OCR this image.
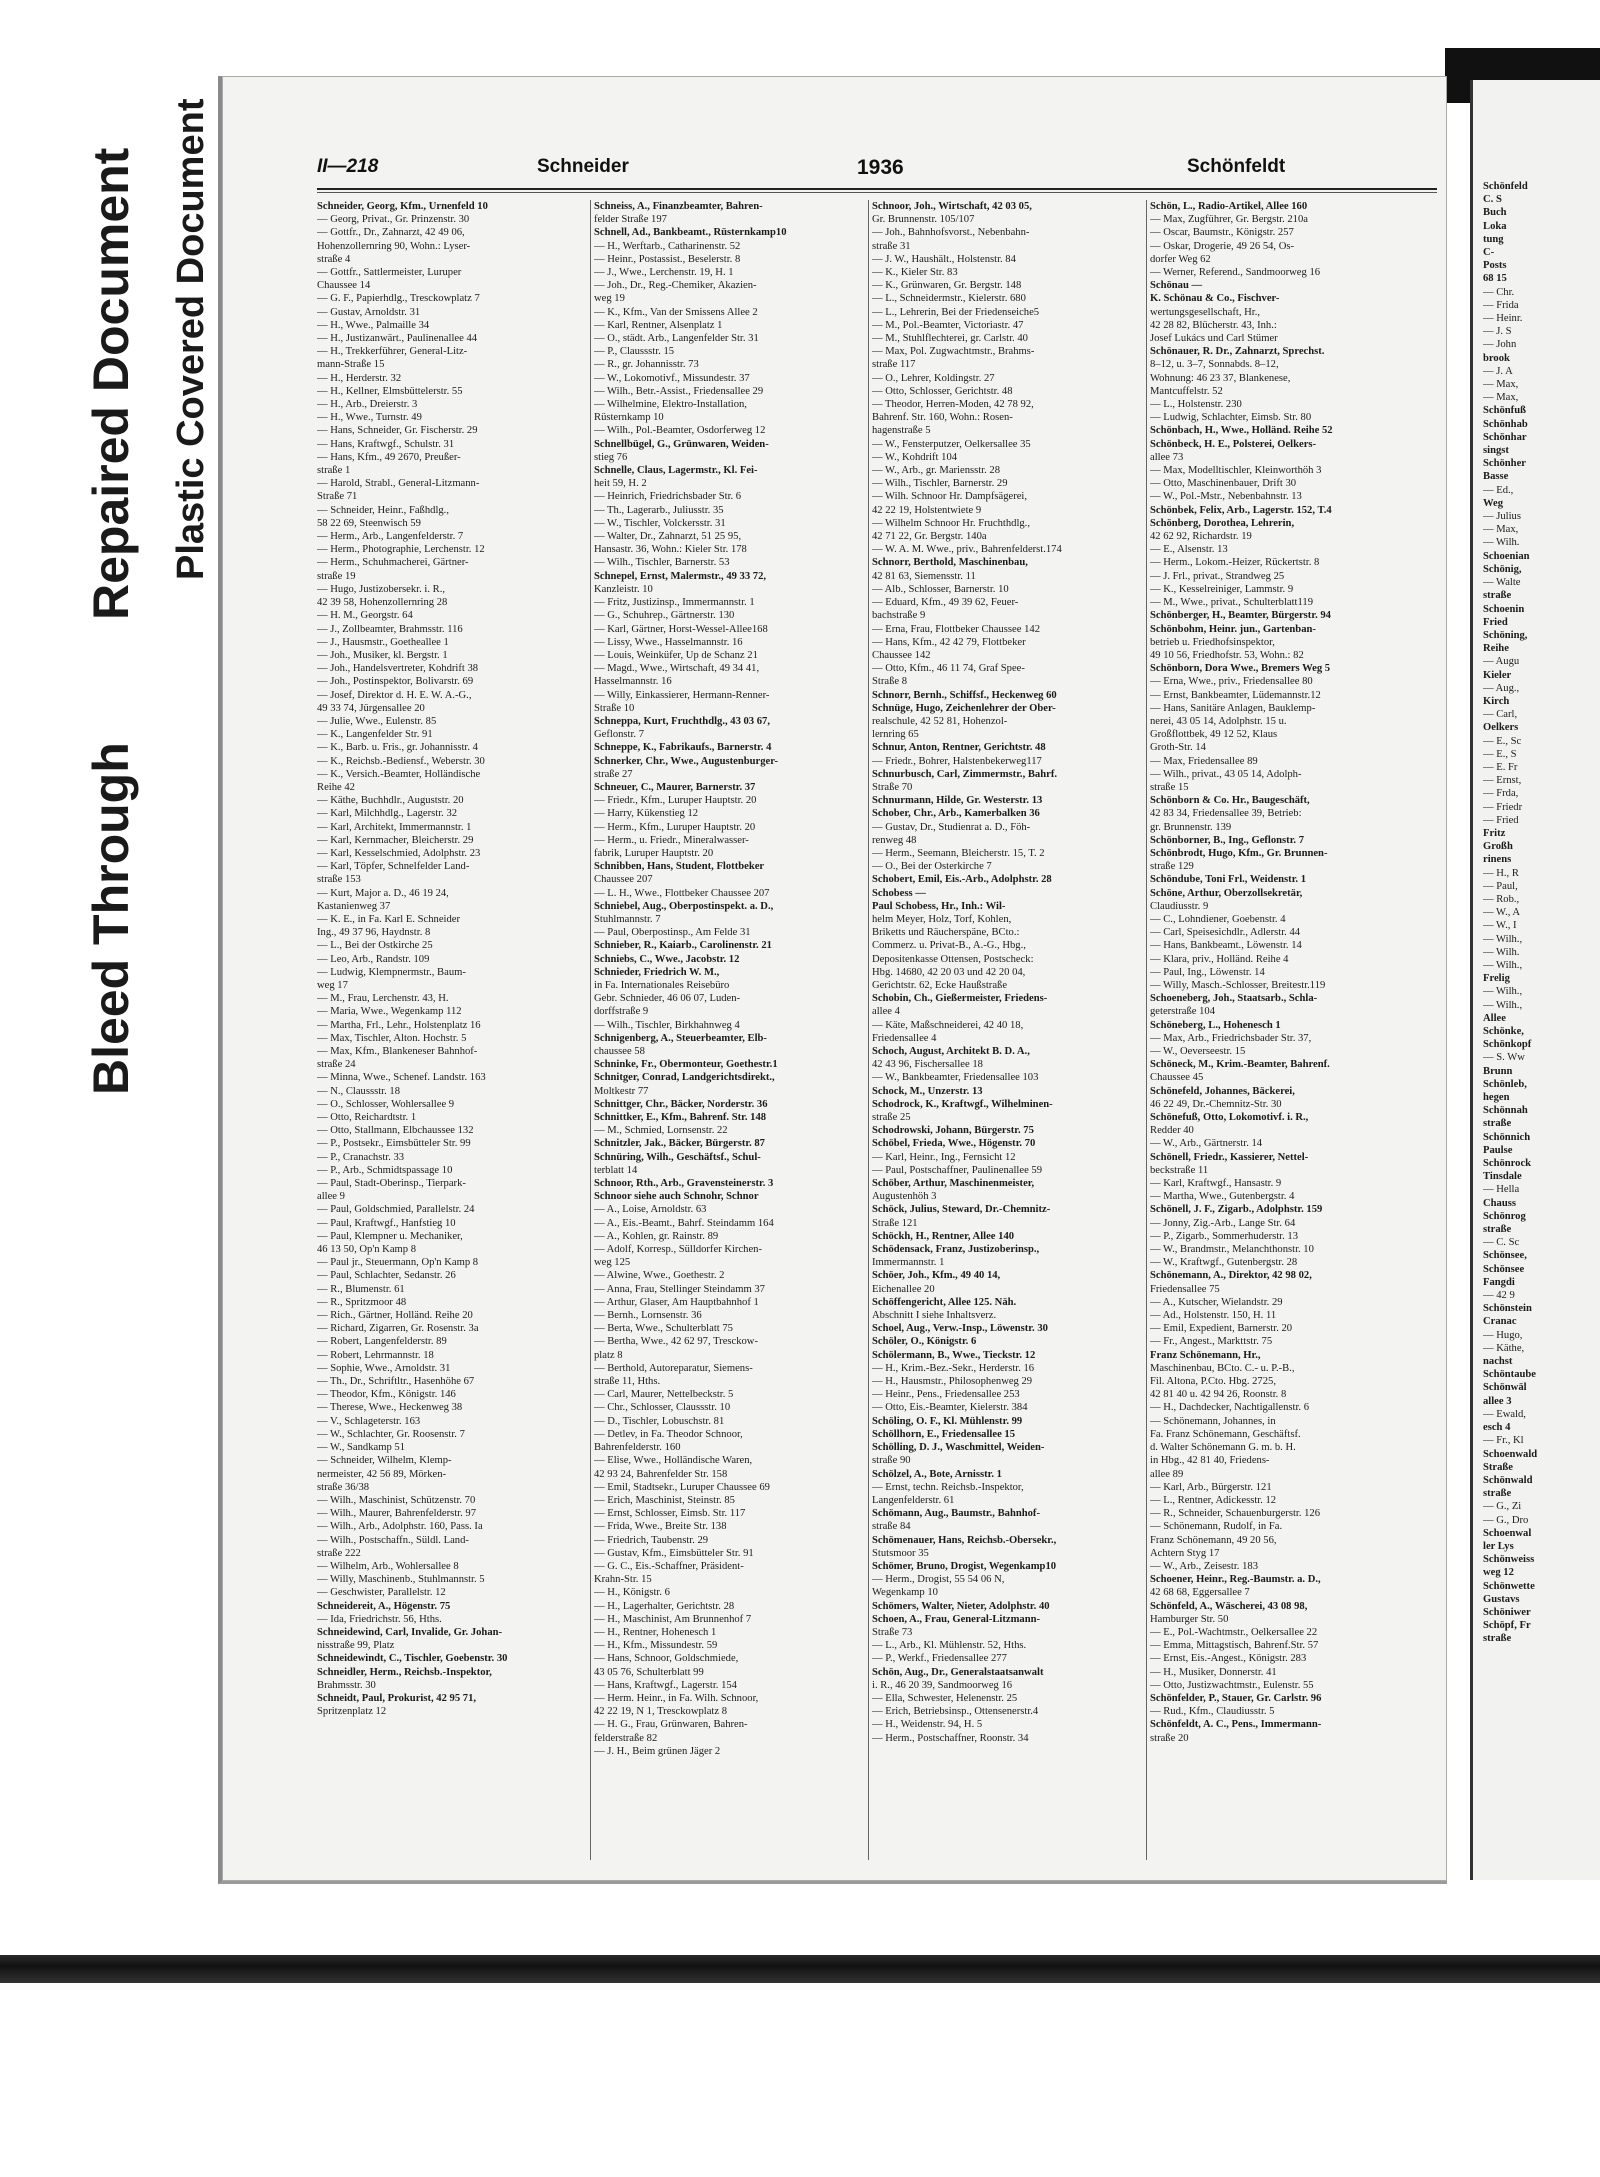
Bleed Through
Repaired Document Plastic Covered Document	II—218	Schneider	1936	Schönfeldt

Schneider, Georg, Kfm., Urnenfeld 10

— Georg, Privat., Gr. Prinzenstr. 30

— Gottfr., Dr., Zahnarzt, 42 49 06,

Hohenzollernring 90, Wohn.: Lyser-

straße 4

— Gottfr., Sattlermeister, Luruper

Chaussee 14

— G. F., Papierhdlg., Tresckowplatz 7

— Gustav, Arnoldstr. 31

— H., Wwe., Palmaille 34

— H., Justizanwärt., Paulinenallee 44

— H., Trekkerführer, General-Litz-

mann-Straße 15

— H., Herderstr. 32

— H., Kellner, Elmsbüttelerstr. 55

— H., Arb., Dreierstr. 3

— H., Wwe., Turnstr. 49

— Hans, Schneider, Gr. Fischerstr. 29

— Hans, Kraftwgf., Schulstr. 31

— Hans, Kfm., 49 2670, Preußer-

straße 1

— Harold, Strabl., General-Litzmann-

Straße 71

— Schneider, Heinr., Faßhdlg.,

58 22 69, Steenwisch 59

— Herm., Arb., Langenfelderstr. 7

— Herm., Photographie, Lerchenstr. 12

— Herm., Schuhmacherei, Gärtner-

straße 19

— Hugo, Justizobersekr. i. R.,

42 39 58, Hohenzollernring 28

— H. M., Georgstr. 64

— J., Zollbeamter, Brahmsstr. 116

— J., Hausmstr., Goetheallee 1

— Joh., Musiker, kl. Bergstr. 1

— Joh., Handelsvertreter, Kohdrift 38

— Joh., Postinspektor, Bolivarstr. 69

— Josef, Direktor d. H. E. W. A.-G.,

49 33 74, Jürgensallee 20

— Julie, Wwe., Eulenstr. 85

— K., Langenfelder Str. 91

— K., Barb. u. Fris., gr. Johannisstr. 4

— K., Reichsb.-Bediensf., Weberstr. 30

— K., Versich.-Beamter, Holländische

Reihe 42

— Käthe, Buchhdlr., Auguststr. 20

— Karl, Milchhdlg., Lagerstr. 32

— Karl, Architekt, Immermannstr. 1

— Karl, Kernmacher, Bleicherstr. 29

— Karl, Kesselschmied, Adolphstr. 23

— Karl, Töpfer, Schnelfelder Land-

straße 153

— Kurt, Major a. D., 46 19 24,

Kastanienweg 37

— K. E., in Fa. Karl E. Schneider

Ing., 49 37 96, Haydnstr. 8

— L., Bei der Ostkirche 25

— Leo, Arb., Randstr. 109

— Ludwig, Klempnermstr., Baum-

weg 17

— M., Frau, Lerchenstr. 43, H.

— Maria, Wwe., Wegenkamp 112

— Martha, Frl., Lehr., Holstenplatz 16

— Max, Tischler, Alton. Hochstr. 5

— Max, Kfm., Blankeneser Bahnhof-

straße 24

— Minna, Wwe., Schenef. Landstr. 163

— N., Claussstr. 18

— O., Schlosser, Wohlersallee 9

— Otto, Reichardtstr. 1

— Otto, Stallmann, Elbchaussee 132

— P., Postsekr., Eimsbütteler Str. 99

— P., Cranachstr. 33

— P., Arb., Schmidtspassage 10

— Paul, Stadt-Oberinsp., Tierpark-

allee 9

— Paul, Goldschmied, Parallelstr. 24

— Paul, Kraftwgf., Hanfstieg 10

— Paul, Klempner u. Mechaniker,

46 13 50, Op'n Kamp 8

— Paul jr., Steuermann, Op'n Kamp 8

— Paul, Schlachter, Sedanstr. 26

— R., Blumenstr. 61

— R., Spritzmoor 48

— Rich., Gärtner, Holländ. Reihe 20

— Richard, Zigarren, Gr. Rosenstr. 3a

— Robert, Langenfelderstr. 89

— Robert, Lehrmannstr. 18

— Sophie, Wwe., Arnoldstr. 31

— Th., Dr., Schriftltr., Hasenhöhe 67

— Theodor, Kfm., Königstr. 146

— Therese, Wwe., Heckenweg 38

— V., Schlageterstr. 163

— W., Schlachter, Gr. Roosenstr. 7

— W., Sandkamp 51

— Schneider, Wilhelm, Klemp-

nermeister, 42 56 89, Mörken-

straße 36/38

— Wilh., Maschinist, Schützenstr. 70

— Wilh., Maurer, Bahrenfelderstr. 97

— Wilh., Arb., Adolphstr. 160, Pass. Ia

— Wilh., Postschaffn., Süldl. Land-

straße 222

— Wilhelm, Arb., Wohlersallee 8

— Willy, Maschinenb., Stuhlmannstr. 5

— Geschwister, Parallelstr. 12

Schneidereit, A., Högenstr. 75

— Ida, Friedrichstr. 56, Hths.

Schneidewind, Carl, Invalide, Gr. Johan-

nisstraße 99, Platz

Schneidewindt, C., Tischler, Goebenstr. 30

Schneidler, Herm., Reichsb.-Inspektor,

Brahmsstr. 30

Schneidt, Paul, Prokurist, 42 95 71,

Spritzenplatz 12

Schneiss, A., Finanzbeamter, Bahren-

felder Straße 197

Schnell, Ad., Bankbeamt., Rüsternkamp10

— H., Werftarb., Catharinenstr. 52

— Heinr., Postassist., Beselerstr. 8

— J., Wwe., Lerchenstr. 19, H. 1

— Joh., Dr., Reg.-Chemiker, Akazien-

weg 19

— K., Kfm., Van der Smissens Allee 2

— Karl, Rentner, Alsenplatz 1

— O., städt. Arb., Langenfelder Str. 31

— P., Claussstr. 15

— R., gr. Johannisstr. 73

— W., Lokomotivf., Missundestr. 37

— Wilh., Betr.-Assist., Friedensallee 29

— Wilhelmine, Elektro-Installation,

Rüsternkamp 10

— Wilh., Pol.-Beamter, Osdorferweg 12

Schnellbügel, G., Grünwaren, Weiden-

stieg 76

Schnelle, Claus, Lagermstr., Kl. Fei-

heit 59, H. 2

— Heinrich, Friedrichsbader Str. 6

— Th., Lagerarb., Juliusstr. 35

— W., Tischler, Volckersstr. 31

— Walter, Dr., Zahnarzt, 51 25 95,

Hansastr. 36, Wohn.: Kieler Str. 178

— Wilh., Tischler, Barnerstr. 53

Schnepel, Ernst, Malermstr., 49 33 72,

Kanzleistr. 10

— Fritz, Justizinsp., Immermannstr. 1

— G., Schuhrep., Gärtnerstr. 130

— Karl, Gärtner, Horst-Wessel-Allee168

— Lissy, Wwe., Hasselmannstr. 16

— Louis, Weinküfer, Up de Schanz 21

— Magd., Wwe., Wirtschaft, 49 34 41,

Hasselmannstr. 16

— Willy, Einkassierer, Hermann-Renner-

Straße 10

Schneppa, Kurt, Fruchthdlg., 43 03 67,

Geflonstr. 7

Schneppe, K., Fabrikaufs., Barnerstr. 4

Schnerker, Chr., Wwe., Augustenburger-

straße 27

Schneuer, C., Maurer, Barnerstr. 37

— Friedr., Kfm., Luruper Hauptstr. 20

— Harry, Kükenstieg 12

— Herm., Kfm., Luruper Hauptstr. 20

— Herm., u. Friedr., Mineralwasser-

fabrik, Luruper Hauptstr. 20

Schnibben, Hans, Student, Flottbeker

Chaussee 207

— L. H., Wwe., Flottbeker Chaussee 207

Schniebel, Aug., Oberpostinspekt. a. D.,

Stuhlmannstr. 7

— Paul, Oberpostinsp., Am Felde 31

Schnieber, R., Kaiarb., Carolinenstr. 21

Schniebs, C., Wwe., Jacobstr. 12

Schnieder, Friedrich W. M.,

in Fa. Internationales Reisebüro

Gebr. Schnieder, 46 06 07, Luden-

dorffstraße 9

— Wilh., Tischler, Birkhahnweg 4

Schnigenberg, A., Steuerbeamter, Elb-

chaussee 58

Schninke, Fr., Obermonteur, Goethestr.1

Schnitger, Conrad, Landgerichtsdirekt.,

Moltkestr 77

Schnittger, Chr., Bäcker, Norderstr. 36

Schnittker, E., Kfm., Bahrenf. Str. 148

— M., Schmied, Lornsenstr. 22

Schnitzler, Jak., Bäcker, Bürgerstr. 87

Schnüring, Wilh., Geschäftsf., Schul-

terblatt 14

Schnoor, Rth., Arb., Gravensteinerstr. 3

Schnoor siehe auch Schnohr, Schnor

— A., Loise, Arnoldstr. 63

— A., Eis.-Beamt., Bahrf. Steindamm 164

— A., Kohlen, gr. Rainstr. 89

— Adolf, Korresp., Sülldorfer Kirchen-

weg 125

— Alwine, Wwe., Goethestr. 2

— Anna, Frau, Stellinger Steindamm 37

— Arthur, Glaser, Am Hauptbahnhof 1

— Bernh., Lornsenstr. 36

— Berta, Wwe., Schulterblatt 75

— Bertha, Wwe., 42 62 97, Tresckow-

platz 8

— Berthold, Autoreparatur, Siemens-

straße 11, Hths.

— Carl, Maurer, Nettelbeckstr. 5

— Chr., Schlosser, Claussstr. 10

— D., Tischler, Lobuschstr. 81

— Detlev, in Fa. Theodor Schnoor,

Bahrenfelderstr. 160

— Elise, Wwe., Holländische Waren,

42 93 24, Bahrenfelder Str. 158

— Emil, Stadtsekr., Luruper Chaussee 69

— Erich, Maschinist, Steinstr. 85

— Ernst, Schlosser, Eimsb. Str. 117

— Frida, Wwe., Breite Str. 138

— Friedrich, Taubenstr. 29

— Gustav, Kfm., Eimsbütteler Str. 91

— G. C., Eis.-Schaffner, Präsident-

Krahn-Str. 15

— H., Königstr. 6

— H., Lagerhalter, Gerichtstr. 28

— H., Maschinist, Am Brunnenhof 7

— H., Rentner, Hohenesch 1

— H., Kfm., Missundestr. 59

— Hans, Schnoor, Goldschmiede,

43 05 76, Schulterblatt 99

— Hans, Kraftwgf., Lagerstr. 154

— Herm. Heinr., in Fa. Wilh. Schnoor,

42 22 19, N 1, Tresckowplatz 8

— H. G., Frau, Grünwaren, Bahren-

felderstraße 82

— J. H., Beim grünen Jäger 2

Schnoor, Joh., Wirtschaft, 42 03 05,

Gr. Brunnenstr. 105/107

— Joh., Bahnhofsvorst., Nebenbahn-

straße 31

— J. W., Haushält., Holstenstr. 84

— K., Kieler Str. 83

— K., Grünwaren, Gr. Bergstr. 148

— L., Schneidermstr., Kielerstr. 680

— L., Lehrerin, Bei der Friedenseiche5

— M., Pol.-Beamter, Victoriastr. 47

— M., Stuhlflechterei, gr. Carlstr. 40

— Max, Pol. Zugwachtmstr., Brahms-

straße 117

— O., Lehrer, Koldingstr. 27

— Otto, Schlosser, Gerichtstr. 48

— Theodor, Herren-Moden, 42 78 92,

Bahrenf. Str. 160, Wohn.: Rosen-

hagenstraße 5

— W., Fensterputzer, Oelkersallee 35

— W., Kohdrift 104

— W., Arb., gr. Mariensstr. 28

— Wilh., Tischler, Barnerstr. 29

— Wilh. Schnoor Hr. Dampfsägerei,

42 22 19, Holstentwiete 9

— Wilhelm Schnoor Hr. Fruchthdlg.,

42 71 22, Gr. Bergstr. 140a

— W. A. M. Wwe., priv., Bahrenfelderst.174

Schnorr, Berthold, Maschinenbau,

42 81 63, Siemensstr. 11

— Alb., Schlosser, Barnerstr. 10

— Eduard, Kfm., 49 39 62, Feuer-

bachstraße 9

— Erna, Frau, Flottbeker Chaussee 142

— Hans, Kfm., 42 42 79, Flottbeker

Chaussee 142

— Otto, Kfm., 46 11 74, Graf Spee-

Straße 8

Schnorr, Bernh., Schiffsf., Heckenweg 60

Schnüge, Hugo, Zeichenlehrer der Ober-

realschule, 42 52 81, Hohenzol-

lernring 65

Schnur, Anton, Rentner, Gerichtstr. 48

— Friedr., Bohrer, Halstenbekerweg117

Schnurbusch, Carl, Zimmermstr., Bahrf.

Straße 70

Schnurmann, Hilde, Gr. Westerstr. 13

Schober, Chr., Arb., Kamerbalken 36

— Gustav, Dr., Studienrat a. D., Föh-

renweg 48

— Herm., Seemann, Bleicherstr. 15, T. 2

— O., Bei der Osterkirche 7

Schobert, Emil, Eis.-Arb., Adolphstr. 28

Schobess —

Paul Schobess, Hr., Inh.: Wil-

helm Meyer, Holz, Torf, Kohlen,

Briketts und Räucherspäne, BCto.:

Commerz. u. Privat-B., A.-G., Hbg.,

Depositenkasse Ottensen, Postscheck:

Hbg. 14680, 42 20 03 und 42 20 04,

Gerichtstr. 62, Ecke Haußstraße

Schobin, Ch., Gießermeister, Friedens-

allee 4

— Käte, Maßschneiderei, 42 40 18,

Friedensallee 4

Schoch, August, Architekt B. D. A.,

42 43 96, Fischersallee 18

— W., Bankbeamter, Friedensallee 103

Schock, M., Unzerstr. 13

Schodrock, K., Kraftwgf., Wilhelminen-

straße 25

Schodrowski, Johann, Bürgerstr. 75

Schöbel, Frieda, Wwe., Högenstr. 70

— Karl, Heinr., Ing., Fernsicht 12

— Paul, Postschaffner, Paulinenallee 59

Schöber, Arthur, Maschinenmeister,

Augustenhöh 3

Schöck, Julius, Steward, Dr.-Chemnitz-

Straße 121

Schöckh, H., Rentner, Allee 140

Schödensack, Franz, Justizoberinsp.,

Immermannstr. 1

Schöer, Joh., Kfm., 49 40 14,

Eichenallee 20

Schöffengericht, Allee 125. Näh.

Abschnitt I siehe Inhaltsverz.

Schoel, Aug., Verw.-Insp., Löwenstr. 30

Schöler, O., Königstr. 6

Schölermann, B., Wwe., Tieckstr. 12

— H., Krim.-Bez.-Sekr., Herderstr. 16

— H., Hausmstr., Philosophenweg 29

— Heinr., Pens., Friedensallee 253

— Otto, Eis.-Beamter, Kielerstr. 384

Schöling, O. F., Kl. Mühlenstr. 99

Schöllhorn, E., Friedensallee 15

Schölling, D. J., Waschmittel, Weiden-

straße 90

Schölzel, A., Bote, Arnisstr. 1

— Ernst, techn. Reichsb.-Inspektor,

Langenfelderstr. 61

Schömann, Aug., Baumstr., Bahnhof-

straße 84

Schömenauer, Hans, Reichsb.-Obersekr.,

Stutsmoor 35

Schömer, Bruno, Drogist, Wegenkamp10

— Herm., Drogist, 55 54 06 N,

Wegenkamp 10

Schömers, Walter, Nieter, Adolphstr. 40

Schoen, A., Frau, General-Litzmann-

Straße 73

— L., Arb., Kl. Mühlenstr. 52, Hths.

— P., Werkf., Friedensallee 277

Schön, Aug., Dr., Generalstaatsanwalt

i. R., 46 20 39, Sandmoorweg 16

— Ella, Schwester, Helenenstr. 25

— Erich, Betriebsinsp., Ottensenerstr.4

— H., Weidenstr. 94, H. 5

— Herm., Postschaffner, Roonstr. 34

Schön, L., Radio-Artikel, Allee 160

— Max, Zugführer, Gr. Bergstr. 210a

— Oscar, Baumstr., Königstr. 257

— Oskar, Drogerie, 49 26 54, Os-

dorfer Weg 62

— Werner, Referend., Sandmoorweg 16

Schönau —

K. Schönau & Co., Fischver-

wertungsgesellschaft, Hr.,

42 28 82, Blücherstr. 43, Inh.:

Josef Lukács und Carl Stümer

Schönauer, R. Dr., Zahnarzt, Sprechst.

8–12, u. 3–7, Sonnabds. 8–12,

Wohnung: 46 23 37, Blankenese,

Mantcuffelstr. 52

— L., Holstenstr. 230

— Ludwig, Schlachter, Eimsb. Str. 80

Schönbach, H., Wwe., Holländ. Reihe 52

Schönbeck, H. E., Polsterei, Oelkers-

allee 73

— Max, Modelltischler, Kleinworthöh 3

— Otto, Maschinenbauer, Drift 30

— W., Pol.-Mstr., Nebenbahnstr. 13

Schönbek, Felix, Arb., Lagerstr. 152, T.4

Schönberg, Dorothea, Lehrerin,

42 62 92, Richardstr. 19

— E., Alsenstr. 13

— Herm., Lokom.-Heizer, Rückertstr. 8

— J. Frl., privat., Strandweg 25

— K., Kesselreiniger, Lammstr. 9

— M., Wwe., privat., Schulterblatt119

Schönberger, H., Beamter, Bürgerstr. 94

Schönbohm, Heinr. jun., Gartenban-

betrieb u. Friedhofsinspektor,

49 10 56, Friedhofstr. 53, Wohn.: 82

Schönborn, Dora Wwe., Bremers Weg 5

— Erna, Wwe., priv., Friedensallee 80

— Ernst, Bankbeamter, Lüdemannstr.12

— Hans, Sanitäre Anlagen, Bauklemp-

nerei, 43 05 14, Adolphstr. 15 u.

Großflottbek, 49 12 52, Klaus

Groth-Str. 14

— Max, Friedensallee 89

— Wilh., privat., 43 05 14, Adolph-

straße 15

Schönborn & Co. Hr., Baugeschäft,

42 83 34, Friedensallee 39, Betrieb:

gr. Brunnenstr. 139

Schönborner, B., Ing., Geflonstr. 7

Schönbrodt, Hugo, Kfm., Gr. Brunnen-

straße 129

Schöndube, Toni Frl., Weidenstr. 1

Schöne, Arthur, Oberzollsekretär,

Claudiusstr. 9

— C., Lohndiener, Goebenstr. 4

— Carl, Speisesichdlr., Adlerstr. 44

— Hans, Bankbeamt., Löwenstr. 14

— Klara, priv., Holländ. Reihe 4

— Paul, Ing., Löwenstr. 14

— Willy, Masch.-Schlosser, Breitestr.119

Schoeneberg, Joh., Staatsarb., Schla-

geterstraße 104

Schöneberg, L., Hohenesch 1

— Max, Arb., Friedrichsbader Str. 37,

— W., Oeverseestr. 15

Schöneck, M., Krim.-Beamter, Bahrenf.

Chaussee 45

Schönefeld, Johannes, Bäckerei,

46 22 49, Dr.-Chemnitz-Str. 30

Schönefuß, Otto, Lokomotivf. i. R.,

Redder 40

— W., Arb., Gärtnerstr. 14

Schönell, Friedr., Kassierer, Nettel-

beckstraße 11

— Karl, Kraftwgf., Hansastr. 9

— Martha, Wwe., Gutenbergstr. 4

Schönell, J. F., Zigarb., Adolphstr. 159

— Jonny, Zig.-Arb., Lange Str. 64

— P., Zigarb., Sommerhuderstr. 13

— W., Brandmstr., Melanchthonstr. 10

— W., Kraftwgf., Gutenbergstr. 28

Schönemann, A., Direktor, 42 98 02,

Friedensallee 75

— A., Kutscher, Wielandstr. 29

— Ad., Holstenstr. 150, H. 11

— Emil, Expedient, Barnerstr. 20

— Fr., Angest., Markttstr. 75

Franz Schönemann, Hr.,

Maschinenbau, BCto. C.- u. P.-B.,

Fil. Altona, P.Cto. Hbg. 2725,

42 81 40 u. 42 94 26, Roonstr. 8

— H., Dachdecker, Nachtigallenstr. 6

— Schönemann, Johannes, in

Fa. Franz Schönemann, Geschäftsf.

d. Walter Schönemann G. m. b. H.

in Hbg., 42 81 40, Friedens-

allee 89

— Karl, Arb., Bürgerstr. 121

— L., Rentner, Adickesstr. 12

— R., Schneider, Schauenburgerstr. 126

— Schönemann, Rudolf, in Fa.

Franz Schönemann, 49 20 56,

Achtern Styg 17

— W., Arb., Zeisestr. 183

Schoener, Heinr., Reg.-Baumstr. a. D.,

42 68 68, Eggersallee 7

Schönfeld, A., Wäscherei, 43 08 98,

Hamburger Str. 50

— E., Pol.-Wachtmstr., Oelkersallee 22

— Emma, Mittagstisch, Bahrenf.Str. 57

— Ernst, Eis.-Angest., Königstr. 283

— H., Musiker, Donnerstr. 41

— Otto, Justizwachtmstr., Eulenstr. 55

Schönfelder, P., Stauer, Gr. Carlstr. 96

— Rud., Kfm., Claudiusstr. 5

Schönfeldt, A. C., Pens., Immermann-

straße 20

Schönfeld

C. S

Buch

Loka

tung

C-

Posts

68 15

— Chr.

— Frida

— Heinr.

— J. S

— John

brook

— J. A

— Max,

— Max,

Schönfuß

Schönhab

Schönhar

singst

Schönher

Basse

— Ed.,

Weg

— Julius

— Max,

— Wilh.

Schoenian

Schönig,

— Walte

straße

Schoenin

Fried

Schöning,

Reihe

— Augu

Kieler

— Aug.,

Kirch

— Carl,

Oelkers

— E., Sc

— E., S

— E. Fr

— Ernst,

— Frda,

— Friedr

— Fried

Fritz

Großh

rinens

— H., R

— Paul,

— Rob.,

— W., A

— W., I

— Wilh.,

— Wilh.

— Wilh.,

Frelig

— Wilh.,

— Wilh.,

Allee

Schönke,

Schönkopf

— S. Ww

Brunn

Schönleb,

hegen

Schönnah

straße

Schönnich

Paulse

Schönrock

Tinsdale

— Hella

Chauss

Schönrog

straße

— C. Sc

Schönsee,

Schönsee

Fangdi

— 42 9

Schönstein

Cranac

— Hugo,

— Käthe,

nachst

Schöntaube

Schönwäl

allee 3

— Ewald,

esch 4

— Fr., Kl

Schoenwald

Straße

Schönwald

straße

— G., Zi

— G., Dro

Schoenwal

ler Lys

Schönweiss

weg 12

Schönwette

Gustavs

Schöniwer

Schöpf, Fr

straße
